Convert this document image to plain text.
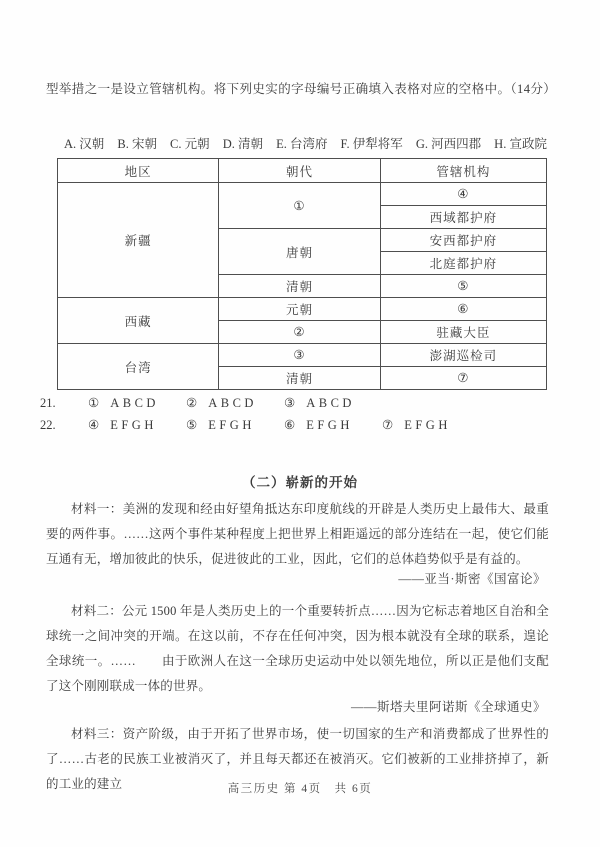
型举措之一是设立管辖机构。将下列史实的字母编号正确填入表格对应的空格中。（14分）

A. 汉朝 B. 宋朝 C. 元朝 D. 清朝 E. 台湾府 F. 伊犁将军 G. 河西四郡 H. 宣政院
地区	朝代	管辖机构
新疆	①	④
		西域都护府
	唐朝	安西都护府
		北庭都护府
	清朝	⑤
西藏	元朝	⑥
	②	驻藏大臣
台湾	③	澎湖巡检司
	清朝	⑦
21.	① ABCD ② ABCD ③ ABCD
22.	④ EFGH ⑤ EFGH ⑥ EFGH ⑦ EFGH
（二）崭新的开始

材料一：美洲的发现和经由好望角抵达东印度航线的开辟是人类历史上最伟大、最重要的两件事。……这两个事件某种程度上把世界上相距遥远的部分连结在一起，使它们能互通有无，增加彼此的快乐，促进彼此的工业，因此，它们的总体趋势似乎是有益的。

——亚当·斯密《国富论》

材料二：公元 1500 年是人类历史上的一个重要转折点……因为它标志着地区自治和全球统一之间冲突的开端。在这以前，不存在任何冲突，因为根本就没有全球的联系，遑论全球统一。……　　由于欧洲人在这一全球历史运动中处以领先地位，所以正是他们支配了这个刚刚联成一体的世界。

——斯塔夫里阿诺斯《全球通史》

材料三：资产阶级，由于开拓了世界市场，使一切国家的生产和消费都成了世界性的了……古老的民族工业被消灭了，并且每天都还在被消灭。它们被新的工业排挤掉了，新的工业的建立	高三历史 第 4页　共 6页
